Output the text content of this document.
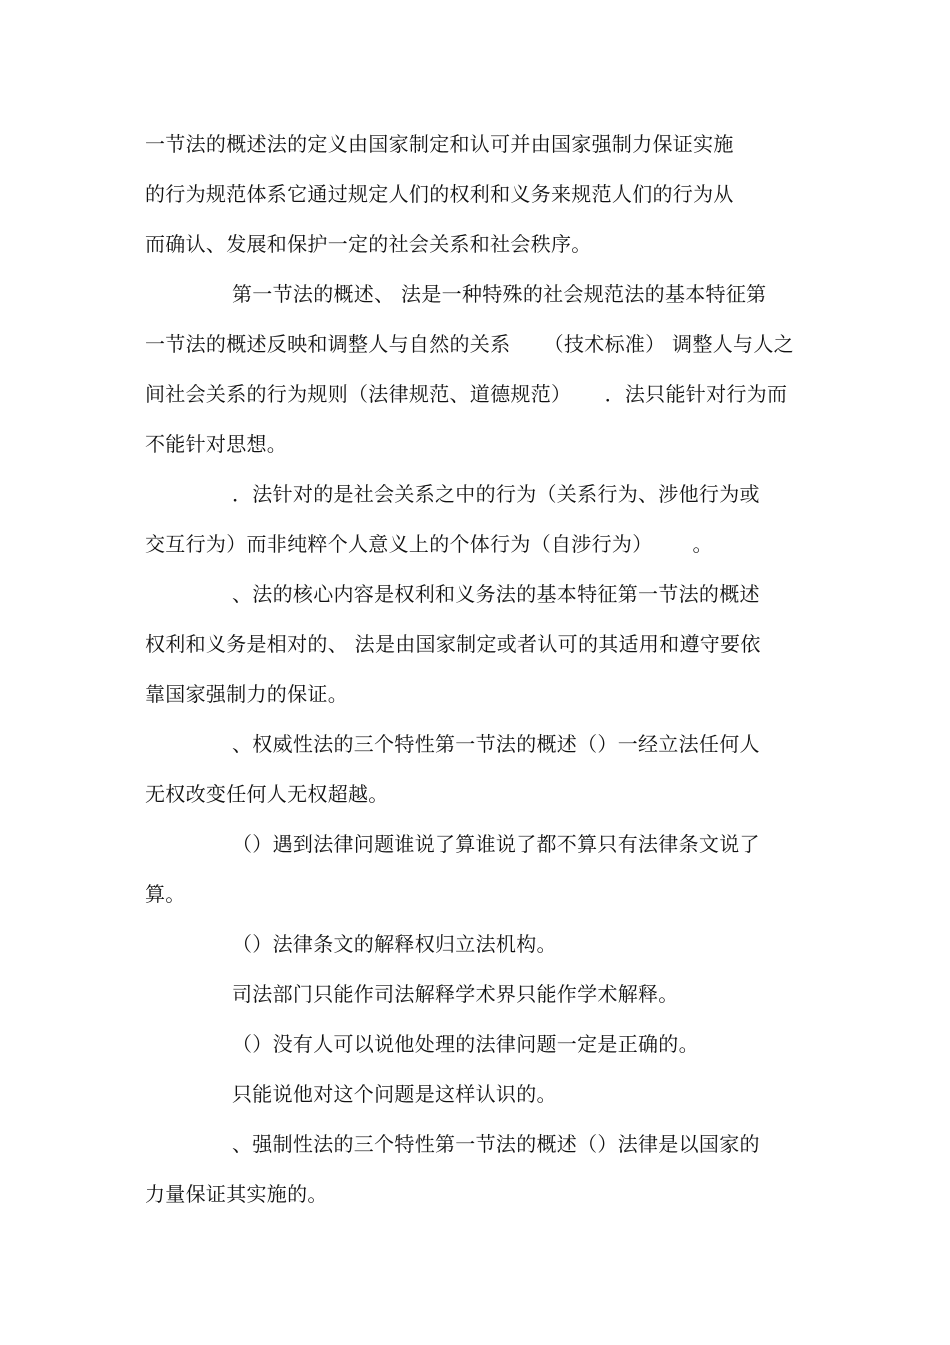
一节法的概述法的定义由国家制定和认可并由国家强制力保证实施
的行为规范体系它通过规定人们的权利和义务来规范人们的行为从
而确认、发展和保护一定的社会关系和社会秩序。
第一节法的概述、 法是一种特殊的社会规范法的基本特征第
一节法的概述反映和调整人与自然的关系     （技术标准） 调整人与人之
间社会关系的行为规则（法律规范、道德规范）     ．法只能针对行为而
不能针对思想。
．法针对的是社会关系之中的行为（关系行为、涉他行为或
交互行为）而非纯粹个人意义上的个体行为（自涉行为）      。
、法的核心内容是权利和义务法的基本特征第一节法的概述
权利和义务是相对的、 法是由国家制定或者认可的其适用和遵守要依
靠国家强制力的保证。
、权威性法的三个特性第一节法的概述（）一经立法任何人
无权改变任何人无权超越。
（）遇到法律问题谁说了算谁说了都不算只有法律条文说了
算。
（）法律条文的解释权归立法机构。
司法部门只能作司法解释学术界只能作学术解释。
（）没有人可以说他处理的法律问题一定是正确的。
只能说他对这个问题是这样认识的。
、强制性法的三个特性第一节法的概述（）法律是以国家的
力量保证其实施的。
